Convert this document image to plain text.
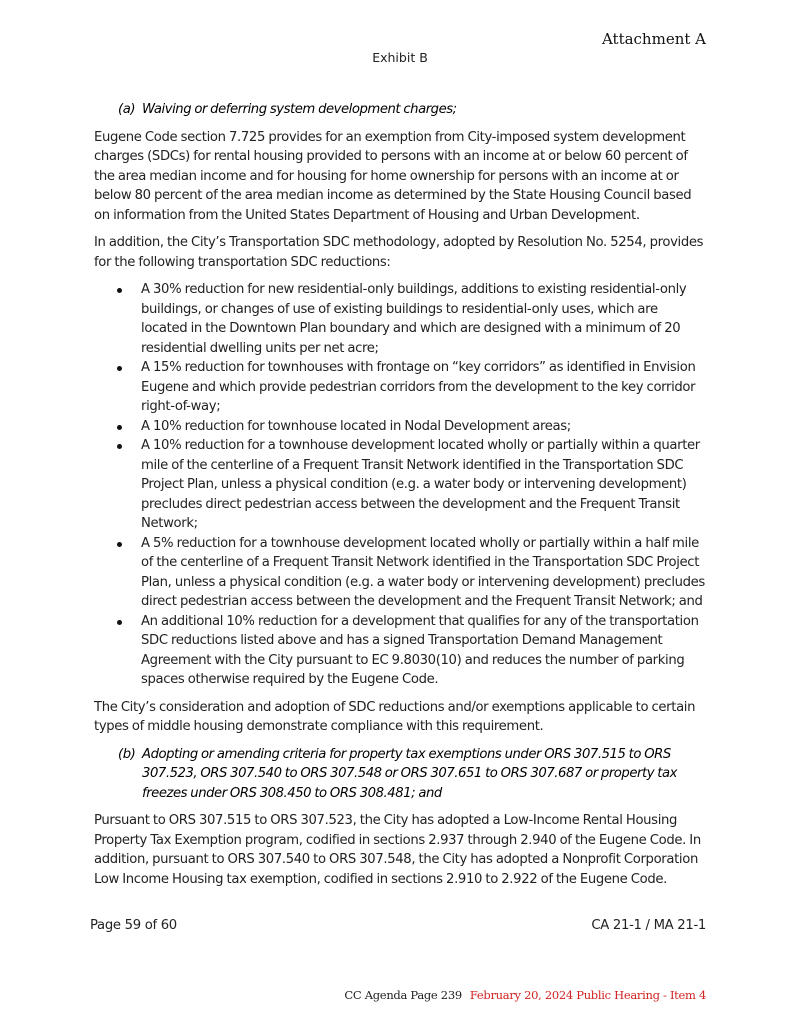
Attachment A

Exhibit B

(a) Waiving or deferring system development charges;

Eugene Code section 7.725 provides for an exemption from City-imposed system development charges (SDCs) for rental housing provided to persons with an income at or below 60 percent of the area median income and for housing for home ownership for persons with an income at or below 80 percent of the area median income as determined by the State Housing Council based on information from the United States Department of Housing and Urban Development.

In addition, the City’s Transportation SDC methodology, adopted by Resolution No. 5254, provides for the following transportation SDC reductions:

A 30% reduction for new residential-only buildings, additions to existing residential-only buildings, or changes of use of existing buildings to residential-only uses, which are located in the Downtown Plan boundary and which are designed with a minimum of 20 residential dwelling units per net acre;
A 15% reduction for townhouses with frontage on “key corridors” as identified in Envision Eugene and which provide pedestrian corridors from the development to the key corridor right-of-way;
A 10% reduction for townhouse located in Nodal Development areas;
A 10% reduction for a townhouse development located wholly or partially within a quarter mile of the centerline of a Frequent Transit Network identified in the Transportation SDC Project Plan, unless a physical condition (e.g. a water body or intervening development) precludes direct pedestrian access between the development and the Frequent Transit Network;
A 5% reduction for a townhouse development located wholly or partially within a half mile of the centerline of a Frequent Transit Network identified in the Transportation SDC Project Plan, unless a physical condition (e.g. a water body or intervening development) precludes direct pedestrian access between the development and the Frequent Transit Network; and
An additional 10% reduction for a development that qualifies for any of the transportation SDC reductions listed above and has a signed Transportation Demand Management Agreement with the City pursuant to EC 9.8030(10) and reduces the number of parking spaces otherwise required by the Eugene Code.

The City’s consideration and adoption of SDC reductions and/or exemptions applicable to certain types of middle housing demonstrate compliance with this requirement.

(b) Adopting or amending criteria for property tax exemptions under ORS 307.515 to ORS 307.523, ORS 307.540 to ORS 307.548 or ORS 307.651 to ORS 307.687 or property tax freezes under ORS 308.450 to ORS 308.481; and

Pursuant to ORS 307.515 to ORS 307.523, the City has adopted a Low-Income Rental Housing Property Tax Exemption program, codified in sections 2.937 through 2.940 of the Eugene Code. In addition, pursuant to ORS 307.540 to ORS 307.548, the City has adopted a Nonprofit Corporation Low Income Housing tax exemption, codified in sections 2.910 to 2.922 of the Eugene Code.

Page 59 of 60	CA 21-1 / MA 21-1
CC Agenda Page 239 February 20, 2024 Public Hearing - Item 4
